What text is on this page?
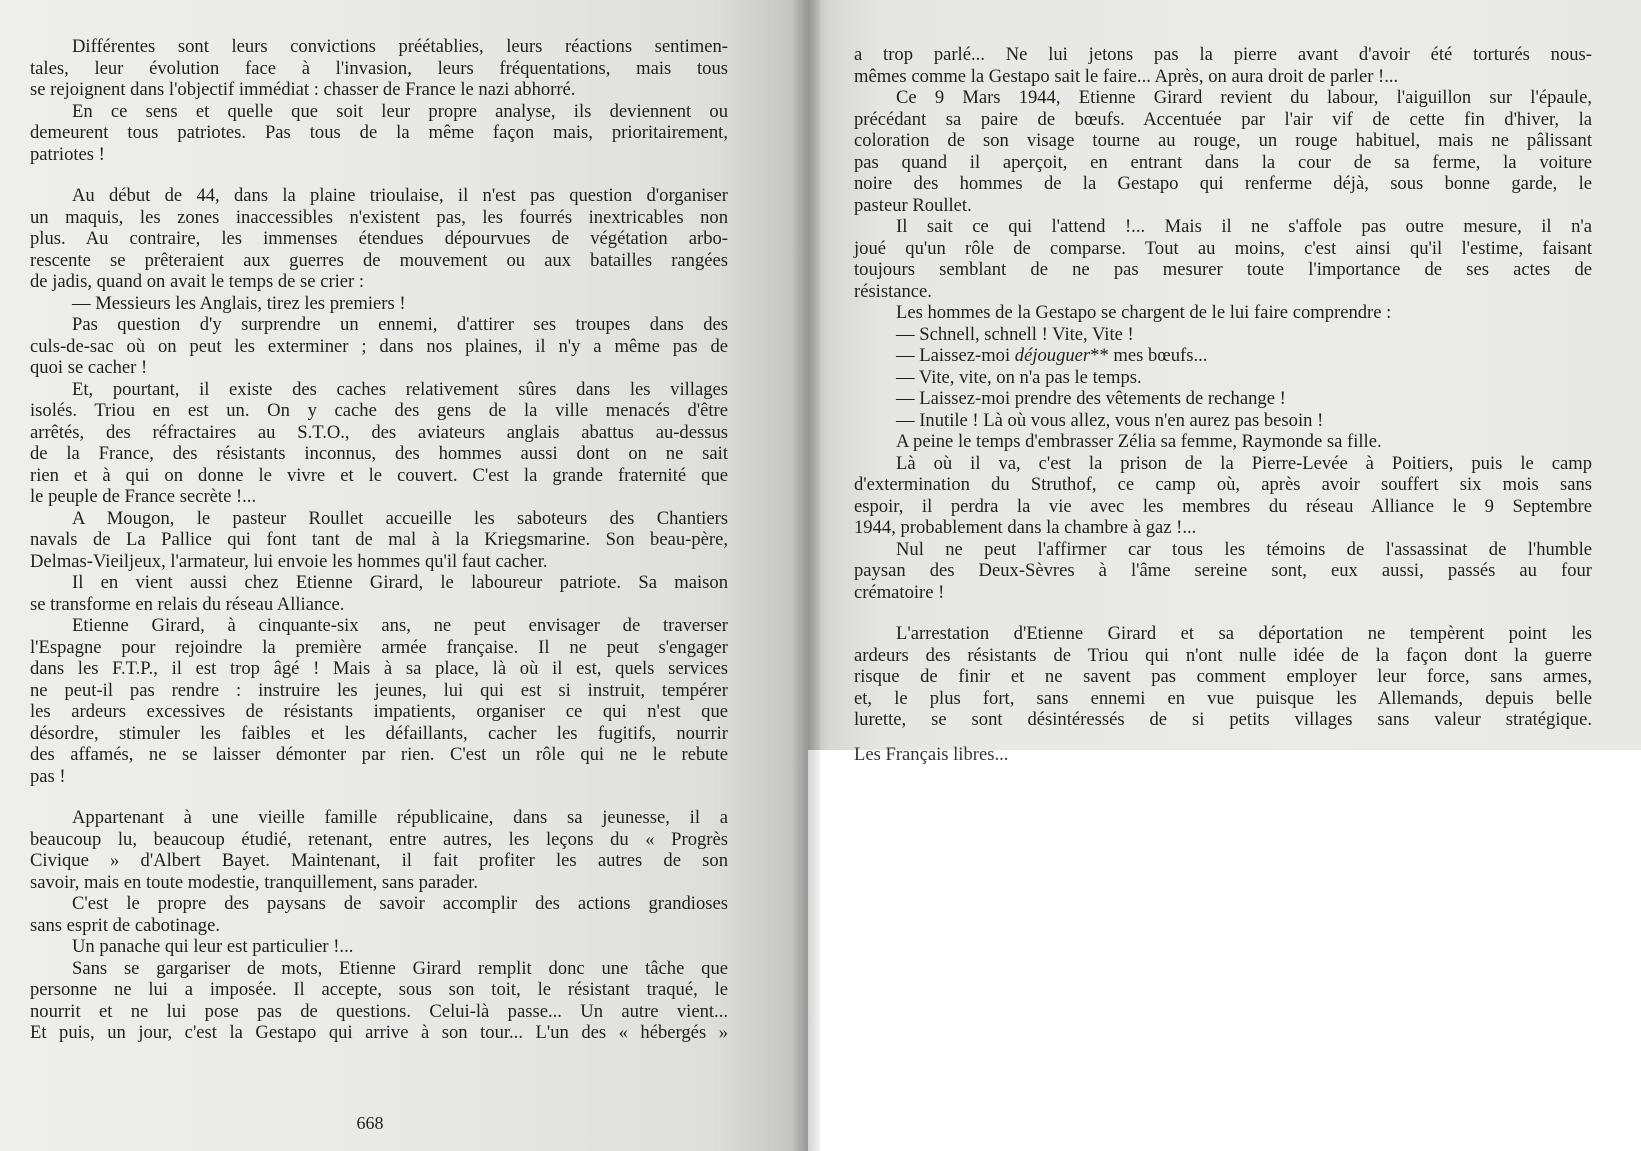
Différentes sont leurs convictions préétablies, leurs réactions sentimen-

tales, leur évolution face à l'invasion, leurs fréquentations, mais tous

se rejoignent dans l'objectif immédiat : chasser de France le nazi abhorré.

En ce sens et quelle que soit leur propre analyse, ils deviennent ou

demeurent tous patriotes. Pas tous de la même façon mais, prioritairement,

patriotes !

Au début de 44, dans la plaine trioulaise, il n'est pas question d'organiser

un maquis, les zones inaccessibles n'existent pas, les fourrés inextricables non

plus. Au contraire, les immenses étendues dépourvues de végétation arbo-

rescente se prêteraient aux guerres de mouvement ou aux batailles rangées

de jadis, quand on avait le temps de se crier :

— Messieurs les Anglais, tirez les premiers !

Pas question d'y surprendre un ennemi, d'attirer ses troupes dans des

culs-de-sac où on peut les exterminer ; dans nos plaines, il n'y a même pas de

quoi se cacher !

Et, pourtant, il existe des caches relativement sûres dans les villages

isolés. Triou en est un. On y cache des gens de la ville menacés d'être

arrêtés, des réfractaires au S.T.O., des aviateurs anglais abattus au-dessus

de la France, des résistants inconnus, des hommes aussi dont on ne sait

rien et à qui on donne le vivre et le couvert. C'est la grande fraternité que

le peuple de France secrète !...

A Mougon, le pasteur Roullet accueille les saboteurs des Chantiers

navals de La Pallice qui font tant de mal à la Kriegsmarine. Son beau-père,

Delmas-Vieiljeux, l'armateur, lui envoie les hommes qu'il faut cacher.

Il en vient aussi chez Etienne Girard, le laboureur patriote. Sa maison

se transforme en relais du réseau Alliance.

Etienne Girard, à cinquante-six ans, ne peut envisager de traverser

l'Espagne pour rejoindre la première armée française. Il ne peut s'engager

dans les F.T.P., il est trop âgé ! Mais à sa place, là où il est, quels services

ne peut-il pas rendre : instruire les jeunes, lui qui est si instruit, tempérer

les ardeurs excessives de résistants impatients, organiser ce qui n'est que

désordre, stimuler les faibles et les défaillants, cacher les fugitifs, nourrir

des affamés, ne se laisser démonter par rien. C'est un rôle qui ne le rebute

pas !

Appartenant à une vieille famille républicaine, dans sa jeunesse, il a

beaucoup lu, beaucoup étudié, retenant, entre autres, les leçons du « Progrès

Civique » d'Albert Bayet. Maintenant, il fait profiter les autres de son

savoir, mais en toute modestie, tranquillement, sans parader.

C'est le propre des paysans de savoir accomplir des actions grandioses

sans esprit de cabotinage.

Un panache qui leur est particulier !...

Sans se gargariser de mots, Etienne Girard remplit donc une tâche que

personne ne lui a imposée. Il accepte, sous son toit, le résistant traqué, le

nourrit et ne lui pose pas de questions. Celui-là passe... Un autre vient...

Et puis, un jour, c'est la Gestapo qui arrive à son tour... L'un des « hébergés »

668

a trop parlé... Ne lui jetons pas la pierre avant d'avoir été torturés nous-

mêmes comme la Gestapo sait le faire... Après, on aura droit de parler !...

Ce 9 Mars 1944, Etienne Girard revient du labour, l'aiguillon sur l'épaule,

précédant sa paire de bœufs. Accentuée par l'air vif de cette fin d'hiver, la

coloration de son visage tourne au rouge, un rouge habituel, mais ne pâlissant

pas quand il aperçoit, en entrant dans la cour de sa ferme, la voiture

noire des hommes de la Gestapo qui renferme déjà, sous bonne garde, le

pasteur Roullet.

Il sait ce qui l'attend !... Mais il ne s'affole pas outre mesure, il n'a

joué qu'un rôle de comparse. Tout au moins, c'est ainsi qu'il l'estime, faisant

toujours semblant de ne pas mesurer toute l'importance de ses actes de

résistance.

Les hommes de la Gestapo se chargent de le lui faire comprendre :

— Schnell, schnell ! Vite, Vite !

— Laissez-moi déjouguer** mes bœufs...

— Vite, vite, on n'a pas le temps.

— Laissez-moi prendre des vêtements de rechange !

— Inutile ! Là où vous allez, vous n'en aurez pas besoin !

A peine le temps d'embrasser Zélia sa femme, Raymonde sa fille.

Là où il va, c'est la prison de la Pierre-Levée à Poitiers, puis le camp

d'extermination du Struthof, ce camp où, après avoir souffert six mois sans

espoir, il perdra la vie avec les membres du réseau Alliance le 9 Septembre

1944, probablement dans la chambre à gaz !...

Nul ne peut l'affirmer car tous les témoins de l'assassinat de l'humble

paysan des Deux-Sèvres à l'âme sereine sont, eux aussi, passés au four

crématoire !

L'arrestation d'Etienne Girard et sa déportation ne tempèrent point les

ardeurs des résistants de Triou qui n'ont nulle idée de la façon dont la guerre

risque de finir et ne savent pas comment employer leur force, sans armes,

et, le plus fort, sans ennemi en vue puisque les Allemands, depuis belle

lurette, se sont désintéressés de si petits villages sans valeur stratégique.

Les Français libres...
